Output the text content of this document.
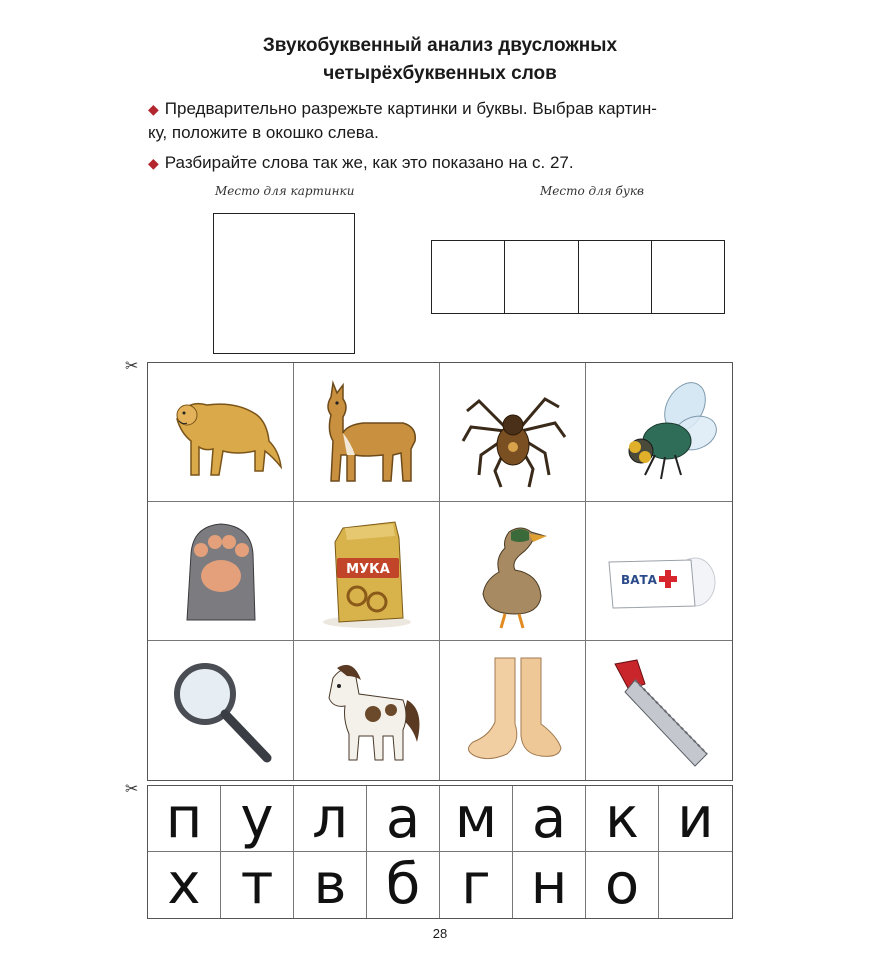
Звукобуквенный анализ двусложных
четырёхбуквенных слов
◆ Предварительно разрежьте картинки и буквы. Выбрав картин-
ку, положите в окошко слева.
◆ Разбирайте слова так же, как это показано на с. 27.
Место для картинки	Место для букв
✂
✂
МУКА
ВАТА
п у л а м а к и
х т в б г н о
28
